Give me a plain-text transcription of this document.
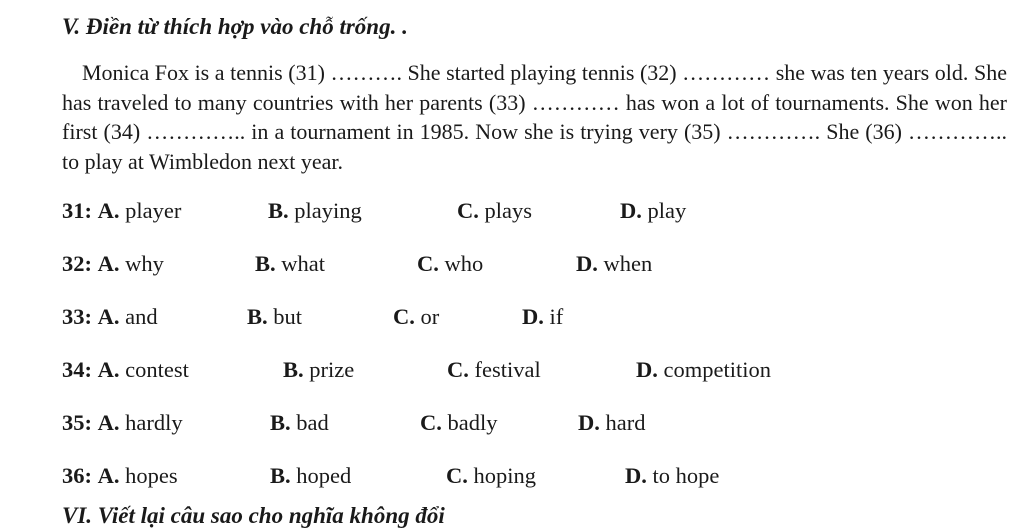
V. Điền từ thích hợp vào chỗ trống. .
Monica Fox is a tennis (31) ………. She started playing tennis (32) ………… she was ten years old. She has traveled to many countries with her parents (33) ………… has won a lot of tournaments. She won her first (34) ………….. in a tournament in 1985. Now she is trying very (35) …………. She (36) ………….. to play at Wimbledon next year.
31: A. player	B. playing	C. plays	D. play
32: A. why	B. what	C. who	D. when
33: A. and	B. but	C. or	D. if
34: A. contest	B. prize	C. festival	D. competition
35: A. hardly	B. bad	C. badly	D. hard
36: A. hopes	B. hoped	C. hoping	D. to hope
VI. Viết lại câu sao cho nghĩa không đổi
